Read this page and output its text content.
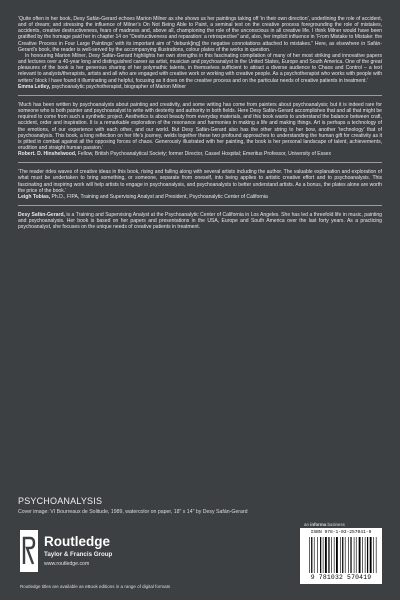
‘Quite often in her book, Desy Safán-Gerard echoes Marion Milner as she shows us her paintings taking off ‘in their own direction’, underlining the role of accident, and of dream; and stressing the influence of Milner’s On Not Being Able to Paint, a seminal text on the creative process foregrounding the role of mistakes, accidents, creative destructiveness, fears of madness and, above all, championing the role of the unconscious in all creative life. I think Milner would have been gratified by the homage paid her in chapter 14 on “Destructiveness and reparation: a retrospective” and, also, her implicit influence in ‘From Mistake to Mistake: the Creative Process in Four Large Paintings’ with its important aim of “debunk[ing] the negative connotations attached to mistakes.” Here, as elsewhere in Safán-Gerard’s book, the reader is well-served by the accompanying illustrations, colour plates of the works in question.

In honouring Marion Milner, Desy Safán-Gerard highlights her own strengths in this fascinating compilation of many of her most striking and innovative papers and lectures over a 40-year long and distinguished career as artist, musician and psychoanalyst in the United States, Europe and South America. One of the great pleasures of the book is her generous sharing of her polymathic talents, in themselves sufficient to attract a diverse audience to Chaos and Control – a text relevant to analysts/therapists, artists and all who are engaged with creative work or working with creative people. As a psychotherapist who works with people with writers’ block I have found it illuminating and helpful, focusing as it does on the creative process and on the particular needs of creative patients in treatment.’

Emma Letley, psychoanalytic psychotherapist, biographer of Marion Milner

‘Much has been written by psychoanalysts about painting and creativity, and some writing has come from painters about psychoanalysis; but it is indeed rare for someone who is both painter and psychoanalyst to write with dexterity and authority in both fields. Here Desy Safán-Gerard accomplishes that and all that might be required to come from such a synthetic project. Aesthetics is about beauty from everyday materials, and this book wants to understand the balance between craft, accident, order and inspiration. It is a remarkable exploration of the resonance and harmonies in making a life and making things. Art is perhaps a technology of the emotions, of our experience with each other, and our world. But Desy Safán-Gerard also has the other string to her bow, another ‘technology’ that of psychoanalysis. This book, a long reflection on her life’s journey, welds together these two profound approaches to understanding the human gift for creativity as it is pitted in combat against all the opposing forces of chaos. Generously illustrated with her painting, the book is her personal landscape of talent, achievements, erudition and straight human passion.’

Robert. D. Hinshelwood, Fellow, British Psychoanalytical Society; former Director, Cassel Hospital; Emeritus Professor, University of Essex

‘The reader rides waves of creative ideas in this book, rising and falling along with several artists including the author. The valuable explanation and exploration of what must be undertaken to bring something, or someone, separate from oneself, into being applies to artistic creative effort and to psychoanalysis. This fascinating and inspiring work will help artists to engage in psychoanalysis, and psychoanalysts to better understand artists. As a bonus, the plates alone are worth the price of the book.’

Leigh Tobias, Ph.D., FIPA, Training and Supervising Analyst and President, Psychoanalytic Center of California

Desy Safán-Gerard, is a Training and Supervising Analyst at the Psychoanalytic Center of California in Los Angeles. She has led a threefold life in music, painting and psychoanalysis. Her book is based on her papers and presentations in the USA, Europe and South America over the last forty years. As a practicing psychoanalyst, she focuses on the unique needs of creative patients in treatment.

PSYCHOANALYSIS
Cover image: VI Bourreaux de Solitude, 1989, watercolor on paper, 18" x 14" by Desy Safán-Gerard
an informa business
Routledge
Taylor & Francis Group
www.routledge.com
ISBN 978-1-03-257041-9
9 781032 570419
Routledge titles are available as eBook editions in a range of digital formats
